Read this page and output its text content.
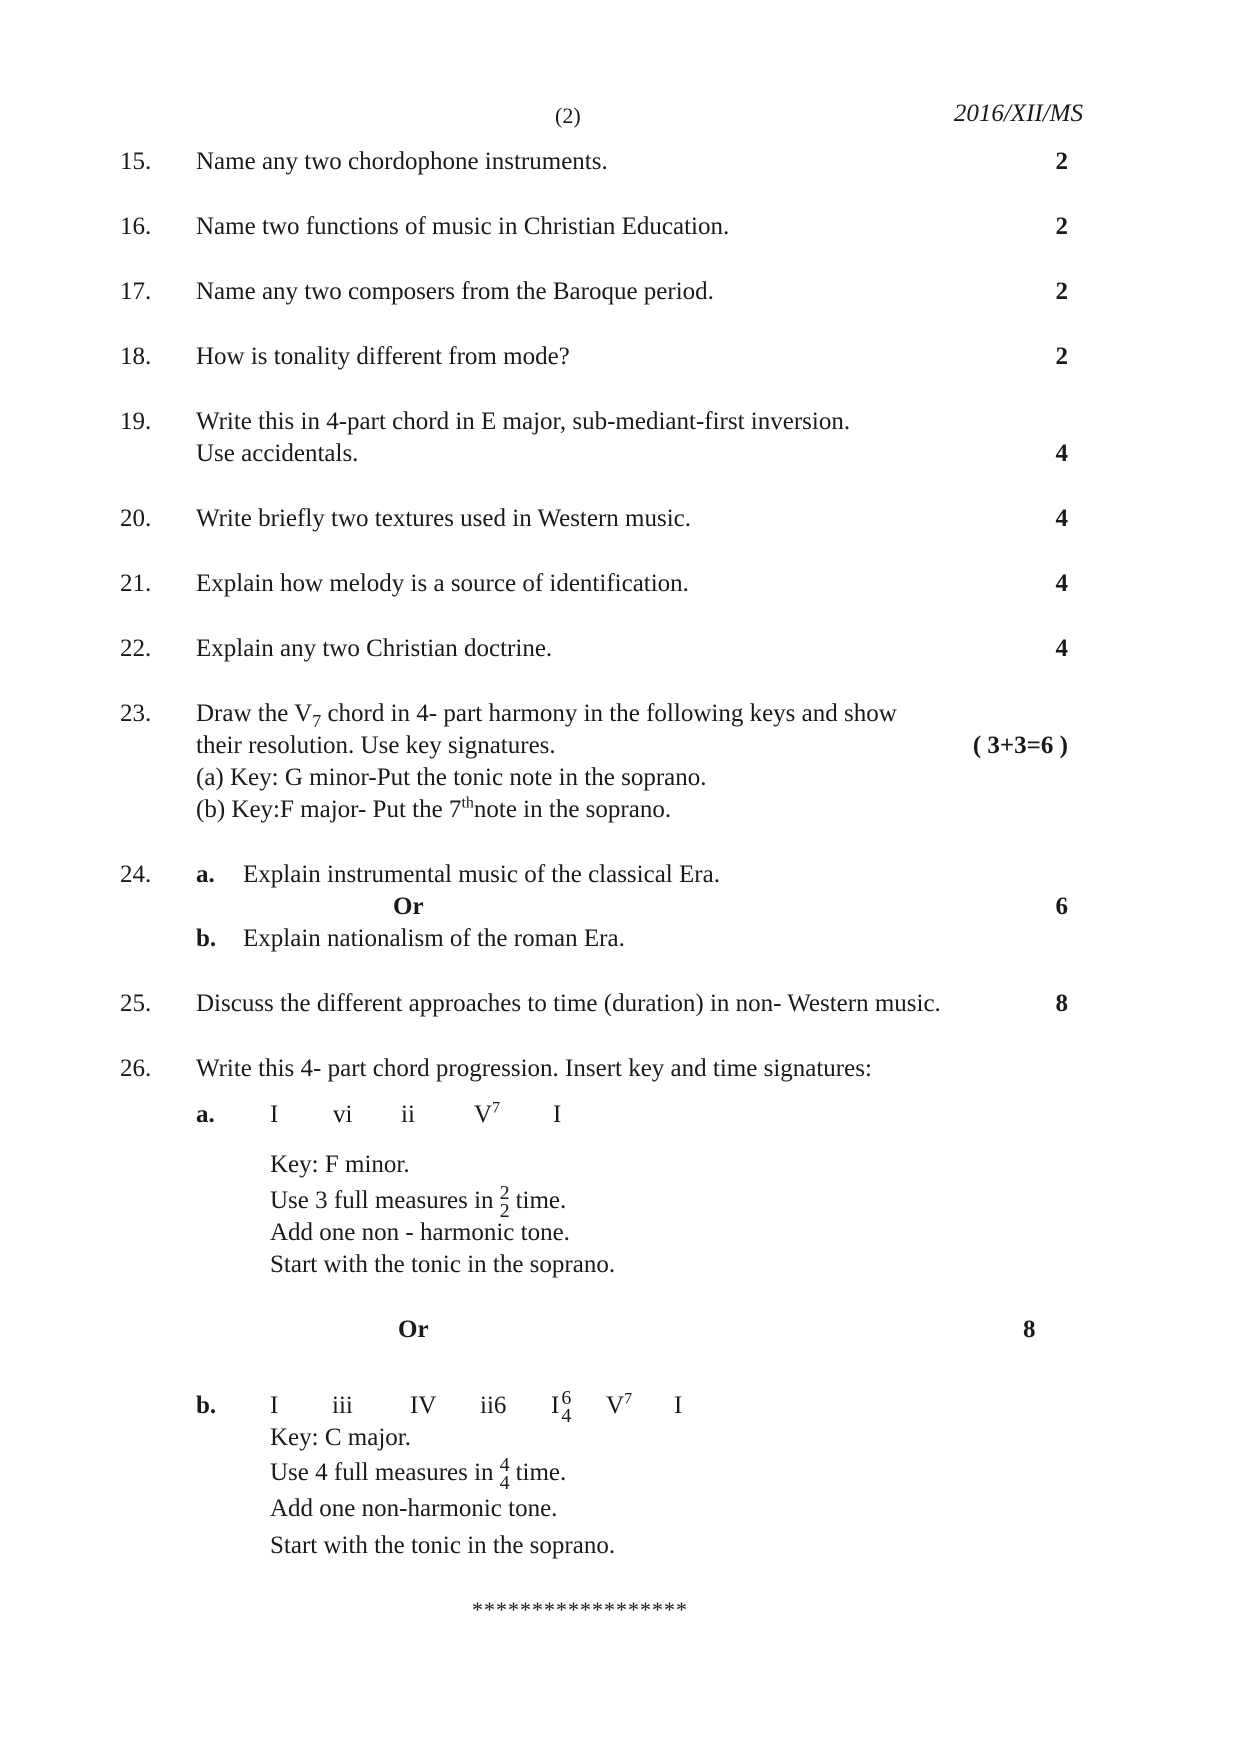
(2)	2016/XII/MS
15. Name any two chordophone instruments.	2
16. Name two functions of music in Christian Education.	2
17. Name any two composers from the Baroque period.	2
18. How is tonality different from mode?	2
19. Write this in 4-part chord in E major, sub-mediant-first inversion.
Use accidentals.	4
20. Write briefly two textures used in Western music.	4
21. Explain how melody is a source of identification.	4
22. Explain any two Christian doctrine.	4
23. Draw the $V_7$ chord in 4- part harmony in the following keys and show
their resolution. Use key signatures.	( 3+3=6 )
(a) Key: G minor-Put the tonic note in the soprano.
(b) Key:F major- Put the 7thnote in the soprano.
24. a. Explain instrumental music of the classical Era.
Or	6
b. Explain nationalism of the roman Era.
25. Discuss the different approaches to time (duration) in non- Western music.	8
26. Write this 4- part chord progression. Insert key and time signatures:
a. I vi ii $V^7$ I
Key: F minor.
Use 3 full measures in 2
2 time.
Add one non - harmonic tone.
Start with the tonic in the soprano.
Or	8
b. I iii IV ii6 I 6
4 $V^7$ I
Key: C major.
Use 4 full measures in 4
4 time.
Add one non-harmonic tone.
Start with the tonic in the soprano.
******************
